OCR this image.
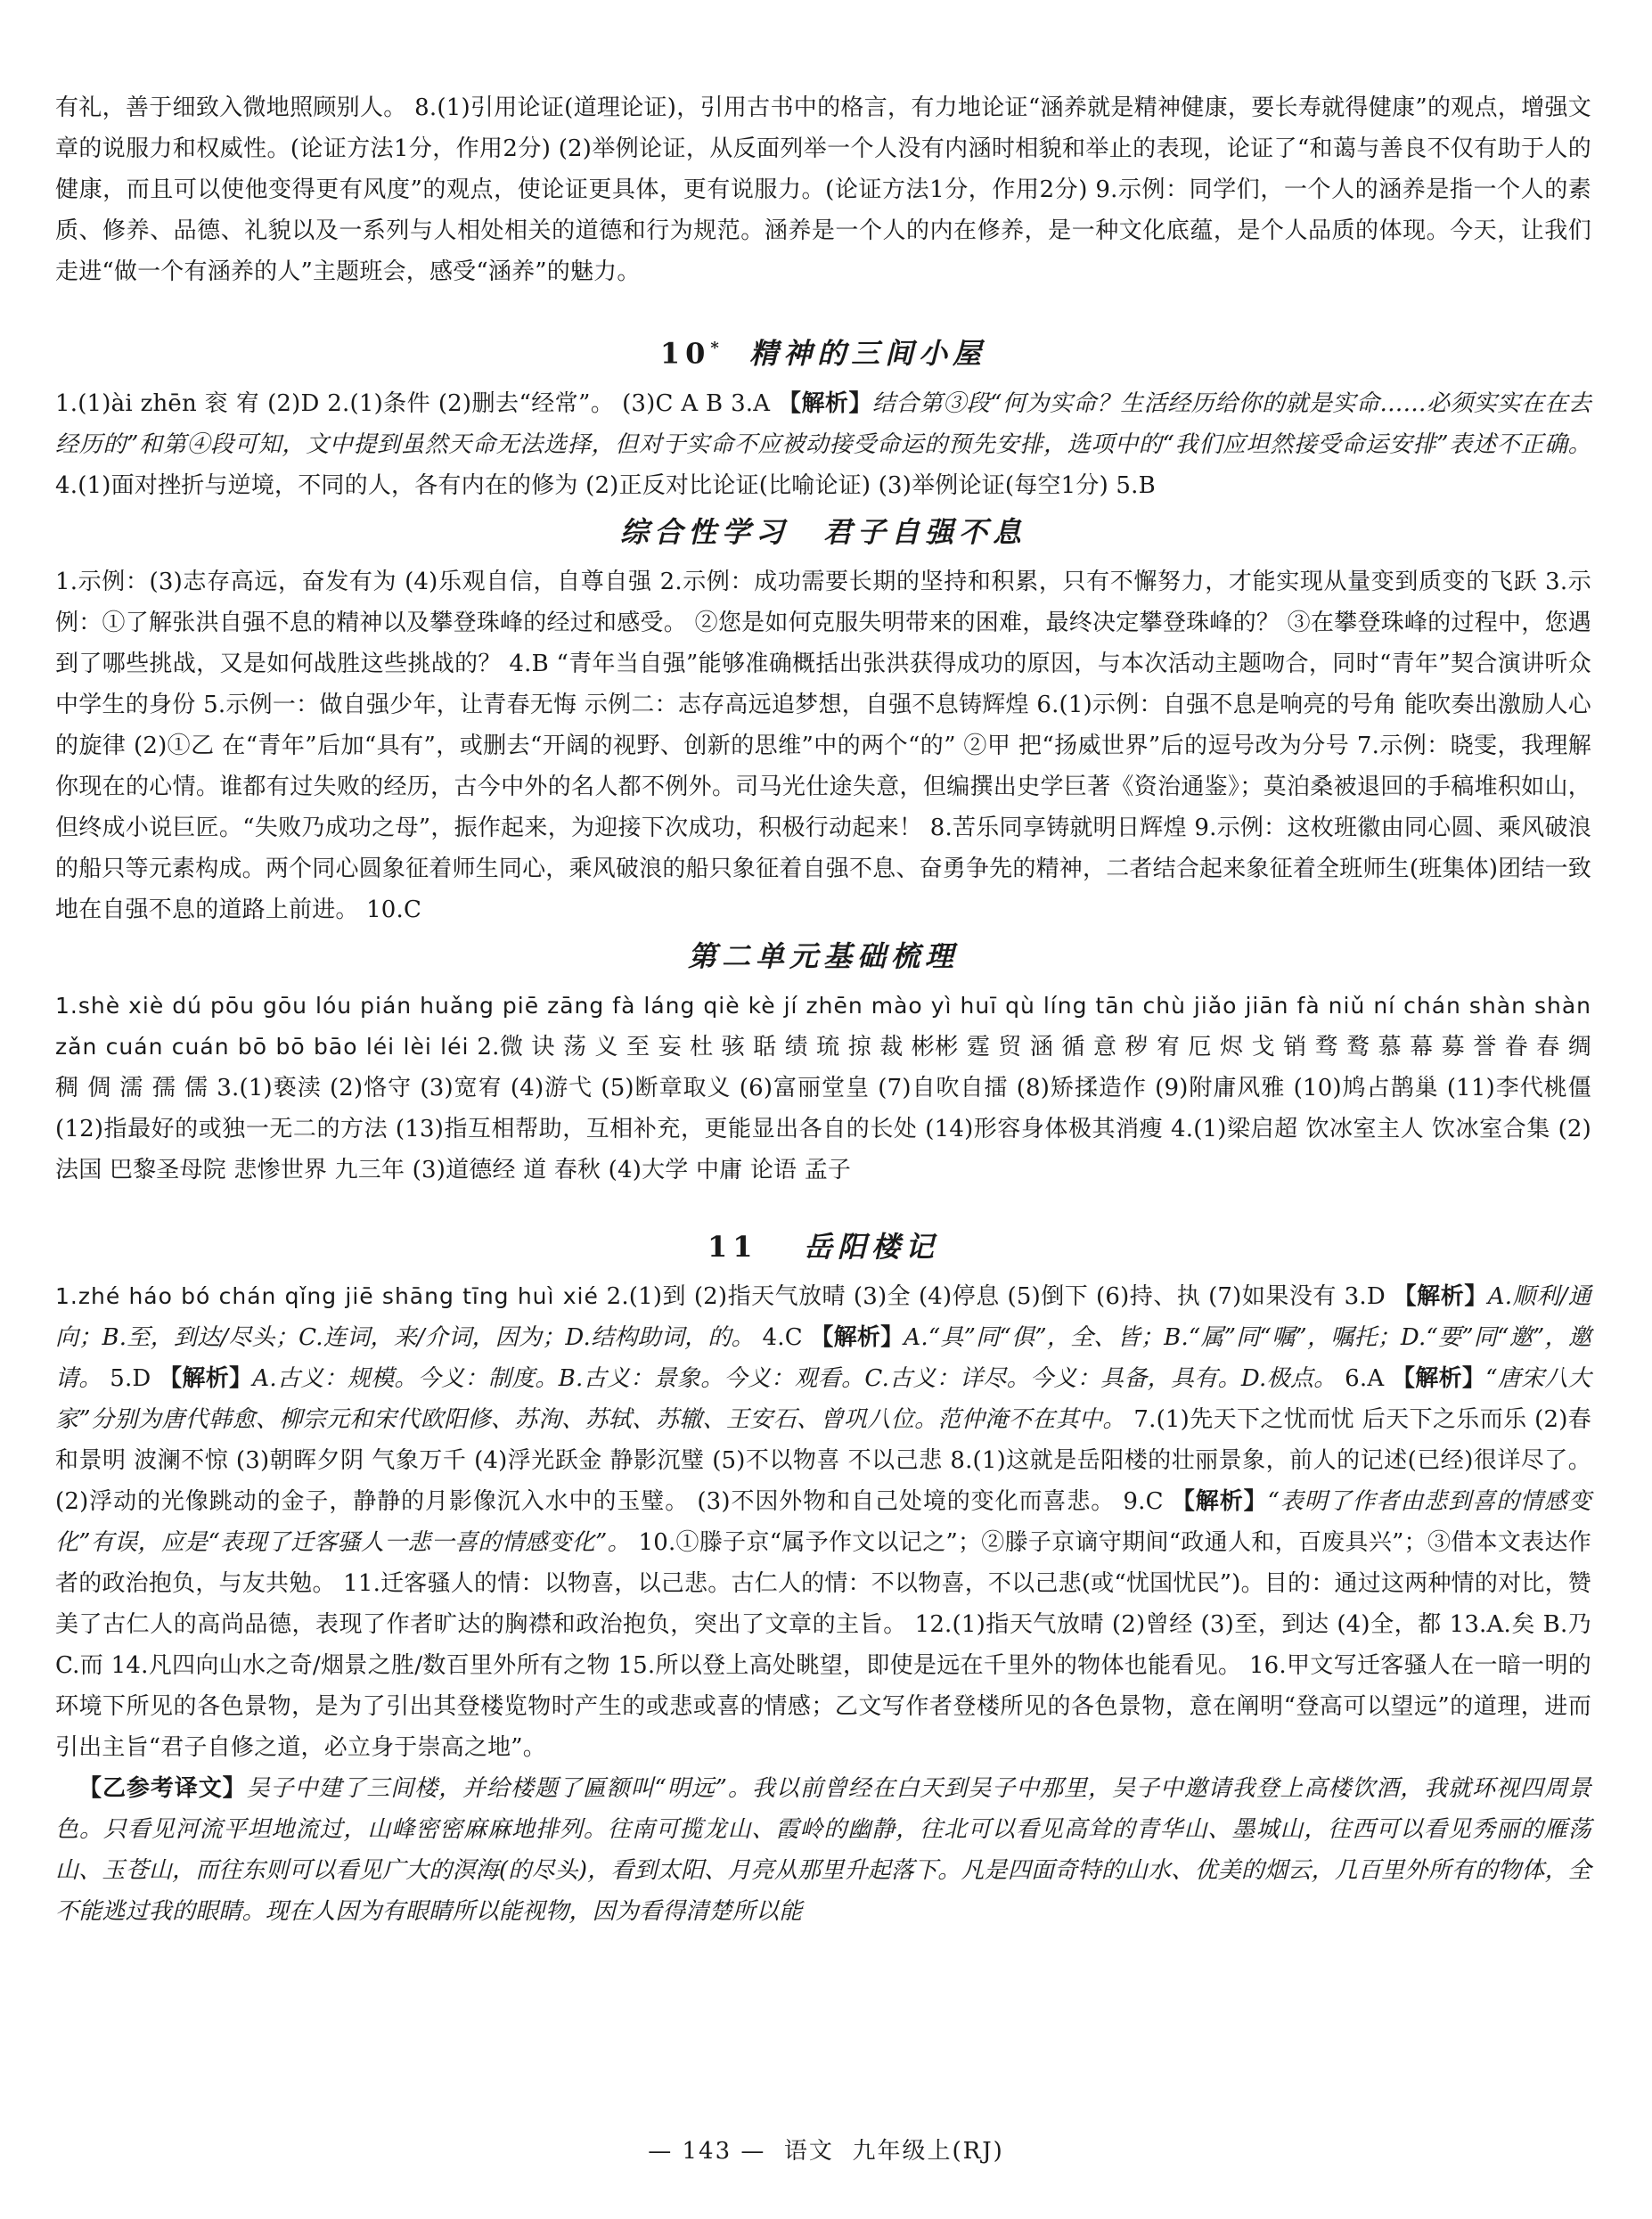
有礼，善于细致入微地照顾别人。 8.(1)引用论证(道理论证)，引用古书中的格言，有力地论证“涵养就是精神健康，要长寿就得健康”的观点，增强文章的说服力和权威性。(论证方法1分，作用2分) (2)举例论证，从反面列举一个人没有内涵时相貌和举止的表现，论证了“和蔼与善良不仅有助于人的健康，而且可以使他变得更有风度”的观点，使论证更具体，更有说服力。(论证方法1分，作用2分) 9.示例：同学们，一个人的涵养是指一个人的素质、修养、品德、礼貌以及一系列与人相处相关的道德和行为规范。涵养是一个人的内在修养，是一种文化底蕴，是个人品质的体现。今天，让我们走进“做一个有涵养的人”主题班会，感受“涵养”的魅力。

10* 精神的三间小屋

1.(1)ài zhēn 衮 宥 (2)D 2.(1)条件 (2)删去“经常”。 (3)C A B 3.A 【解析】结合第③段“何为实命？生活经历给你的就是实命……必须实实在在去经历的”和第④段可知，文中提到虽然天命无法选择，但对于实命不应被动接受命运的预先安排，选项中的“我们应坦然接受命运安排”表述不正确。 4.(1)面对挫折与逆境，不同的人，各有内在的修为 (2)正反对比论证(比喻论证) (3)举例论证(每空1分) 5.B

综合性学习　君子自强不息

1.示例：(3)志存高远，奋发有为 (4)乐观自信，自尊自强 2.示例：成功需要长期的坚持和积累，只有不懈努力，才能实现从量变到质变的飞跃 3.示例：①了解张洪自强不息的精神以及攀登珠峰的经过和感受。 ②您是如何克服失明带来的困难，最终决定攀登珠峰的？ ③在攀登珠峰的过程中，您遇到了哪些挑战，又是如何战胜这些挑战的？ 4.B “青年当自强”能够准确概括出张洪获得成功的原因，与本次活动主题吻合，同时“青年”契合演讲听众中学生的身份 5.示例一：做自强少年，让青春无悔 示例二：志存高远追梦想，自强不息铸辉煌 6.(1)示例：自强不息是响亮的号角 能吹奏出激励人心的旋律 (2)①乙 在“青年”后加“具有”，或删去“开阔的视野、创新的思维”中的两个“的” ②甲 把“扬威世界”后的逗号改为分号 7.示例：晓雯，我理解你现在的心情。谁都有过失败的经历，古今中外的名人都不例外。司马光仕途失意，但编撰出史学巨著《资治通鉴》；莫泊桑被退回的手稿堆积如山，但终成小说巨匠。“失败乃成功之母”，振作起来，为迎接下次成功，积极行动起来！ 8.苦乐同享铸就明日辉煌 9.示例：这枚班徽由同心圆、乘风破浪的船只等元素构成。两个同心圆象征着师生同心，乘风破浪的船只象征着自强不息、奋勇争先的精神，二者结合起来象征着全班师生(班集体)团结一致地在自强不息的道路上前进。 10.C

第二单元基础梳理

1.shè xiè dú pōu gōu lóu pián huǎng piē zāng fà láng qiè kè jí zhēn mào yì huī qù líng tān chù jiǎo jiān fà niǔ ní chán shàn shàn zǎn cuán cuán bō bō bāo léi lèi léi 2.微 诀 荡 义 至 妄 杜 骇 聒 绩 琉 掠 裁 彬彬 霆 贸 涵 循 意 秽 宥 厄 烬 戈 销 骛 鹜 慕 幕 募 誉 眷 春 绸 稠 倜 濡 孺 儒 3.(1)亵渎 (2)恪守 (3)宽宥 (4)游弋 (5)断章取义 (6)富丽堂皇 (7)自吹自擂 (8)矫揉造作 (9)附庸风雅 (10)鸠占鹊巢 (11)李代桃僵 (12)指最好的或独一无二的方法 (13)指互相帮助，互相补充，更能显出各自的长处 (14)形容身体极其消瘦 4.(1)梁启超 饮冰室主人 饮冰室合集 (2)法国 巴黎圣母院 悲惨世界 九三年 (3)道德经 道 春秋 (4)大学 中庸 论语 孟子

11 岳阳楼记

1.zhé háo bó chán qǐng jiē shāng tīng huì xié 2.(1)到 (2)指天气放晴 (3)全 (4)停息 (5)倒下 (6)持、执 (7)如果没有 3.D 【解析】A.顺利/通向；B.至，到达/尽头；C.连词，来/介词，因为；D.结构助词，的。 4.C 【解析】A.“具”同“俱”，全、皆；B.“属”同“嘱”，嘱托；D.“要”同“邀”，邀请。 5.D 【解析】A.古义：规模。今义：制度。B.古义：景象。今义：观看。C.古义：详尽。今义：具备，具有。D.极点。 6.A 【解析】“唐宋八大家”分别为唐代韩愈、柳宗元和宋代欧阳修、苏洵、苏轼、苏辙、王安石、曾巩八位。范仲淹不在其中。 7.(1)先天下之忧而忧 后天下之乐而乐 (2)春和景明 波澜不惊 (3)朝晖夕阴 气象万千 (4)浮光跃金 静影沉璧 (5)不以物喜 不以己悲 8.(1)这就是岳阳楼的壮丽景象，前人的记述(已经)很详尽了。 (2)浮动的光像跳动的金子，静静的月影像沉入水中的玉璧。 (3)不因外物和自己处境的变化而喜悲。 9.C 【解析】“表明了作者由悲到喜的情感变化”有误，应是“表现了迁客骚人一悲一喜的情感变化”。 10.①滕子京“属予作文以记之”；②滕子京谪守期间“政通人和，百废具兴”；③借本文表达作者的政治抱负，与友共勉。 11.迁客骚人的情：以物喜，以己悲。古仁人的情：不以物喜，不以己悲(或“忧国忧民”)。目的：通过这两种情的对比，赞美了古仁人的高尚品德，表现了作者旷达的胸襟和政治抱负，突出了文章的主旨。 12.(1)指天气放晴 (2)曾经 (3)至，到达 (4)全，都 13.A.矣 B.乃 C.而 14.凡四向山水之奇/烟景之胜/数百里外所有之物 15.所以登上高处眺望，即使是远在千里外的物体也能看见。 16.甲文写迁客骚人在一暗一明的环境下所见的各色景物，是为了引出其登楼览物时产生的或悲或喜的情感；乙文写作者登楼所见的各色景物，意在阐明“登高可以望远”的道理，进而引出主旨“君子自修之道，必立身于崇高之地”。

【乙参考译文】吴子中建了三间楼，并给楼题了匾额叫“明远”。我以前曾经在白天到吴子中那里，吴子中邀请我登上高楼饮酒，我就环视四周景色。只看见河流平坦地流过，山峰密密麻麻地排列。往南可揽龙山、霞岭的幽静，往北可以看见高耸的青华山、墨城山，往西可以看见秀丽的雁荡山、玉苍山，而往东则可以看见广大的溟海(的尽头)，看到太阳、月亮从那里升起落下。凡是四面奇特的山水、优美的烟云，几百里外所有的物体，全不能逃过我的眼睛。现在人因为有眼睛所以能视物，因为看得清楚所以能

— 143 — 语文 九年级上(RJ)
